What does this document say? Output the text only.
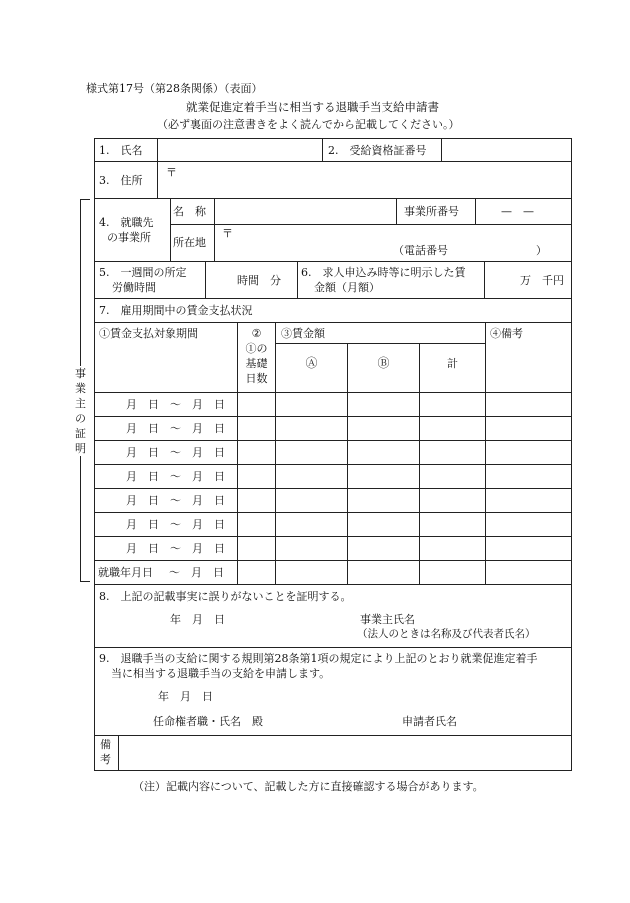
様式第17号（第28条関係）（表面）
就業促進定着手当に相当する退職手当支給申請書
（必ず裏面の注意書きをよく読んでから記載してください。）
事業主の証明
1.　氏名	2.　受給資格証番号
3.　住所
〒
4.　就職先
の事業所
名　称	事業所番号	—　—
所在地
〒
（電話番号　　　　　　　　）
5.　一週間の所定
労働時間
時間　分
6.　求人申込み時等に明示した賃
金額（月額）
万　千円
7.　雇用期間中の賃金支払状況
①賃金支払対象期間	②
①の
基礎
日数
③賃金額	④備考
Ⓐ	Ⓑ	計
月　日　～　月　日
月　日　～　月　日
月　日　～　月　日
月　日　～　月　日
月　日　～　月　日
月　日　～　月　日
月　日　～　月　日
就職年月日 ～　月　日
8.　上記の記載事実に誤りがないことを証明する。
年　月　日	事業主氏名
（法人のときは名称及び代表者氏名）
9.　退職手当の支給に関する規則第28条第1項の規定により上記のとおり就業促進定着手
当に相当する退職手当の支給を申請します。
年　月　日
任命権者職・氏名　殿	申請者氏名
備考
（注）記載内容について、記載した方に直接確認する場合があります。
